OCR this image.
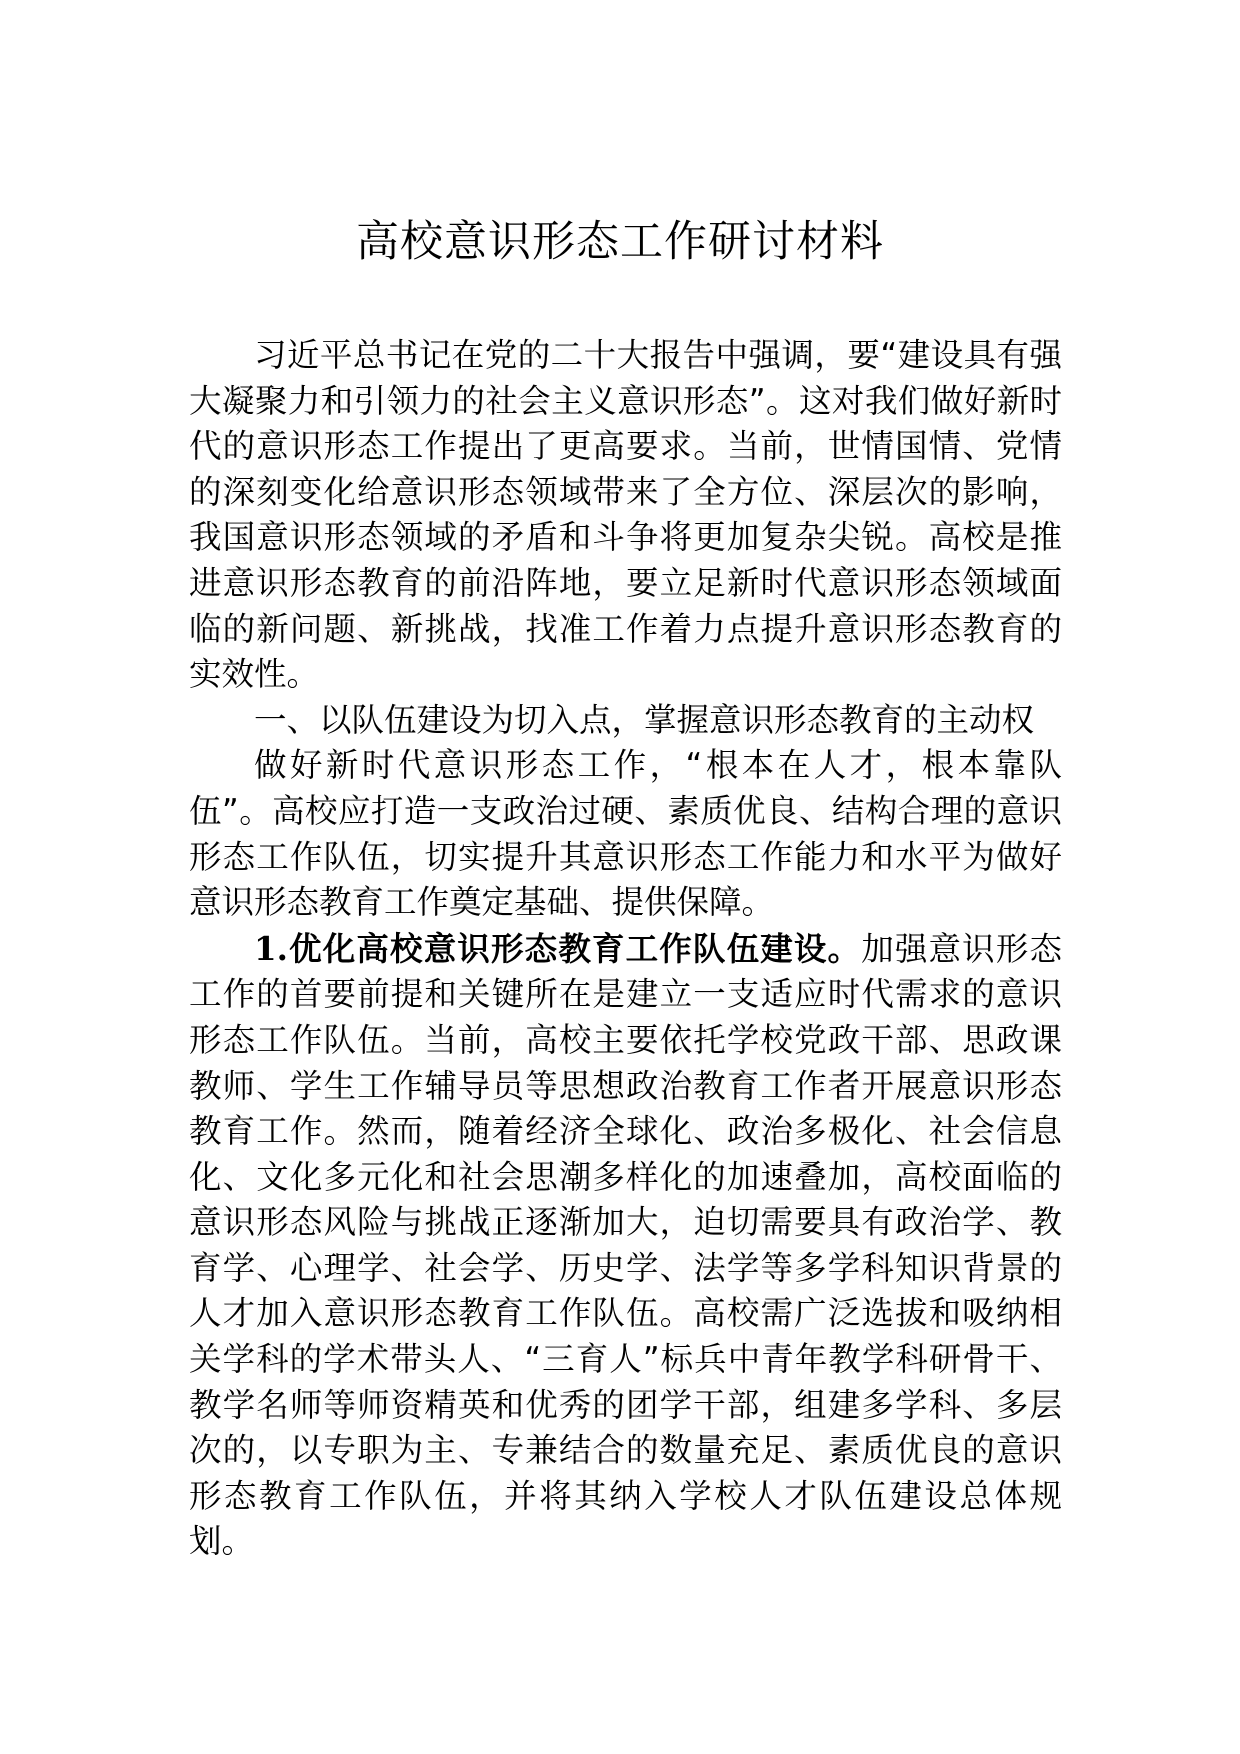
高校意识形态工作研讨材料

习近平总书记在党的二十大报告中强调，要“建设具有强大凝聚力和引领力的社会主义意识形态”。这对我们做好新时代的意识形态工作提出了更高要求。当前，世情国情、党情的深刻变化给意识形态领域带来了全方位、深层次的影响，我国意识形态领域的矛盾和斗争将更加复杂尖锐。高校是推进意识形态教育的前沿阵地，要立足新时代意识形态领域面临的新问题、新挑战，找准工作着力点提升意识形态教育的实效性。

一、以队伍建设为切入点，掌握意识形态教育的主动权

做好新时代意识形态工作，“根本在人才，根本靠队伍”。高校应打造一支政治过硬、素质优良、结构合理的意识形态工作队伍，切实提升其意识形态工作能力和水平为做好意识形态教育工作奠定基础、提供保障。

1.优化高校意识形态教育工作队伍建设。加强意识形态工作的首要前提和关键所在是建立一支适应时代需求的意识形态工作队伍。当前，高校主要依托学校党政干部、思政课教师、学生工作辅导员等思想政治教育工作者开展意识形态教育工作。然而，随着经济全球化、政治多极化、社会信息化、文化多元化和社会思潮多样化的加速叠加，高校面临的意识形态风险与挑战正逐渐加大，迫切需要具有政治学、教育学、心理学、社会学、历史学、法学等多学科知识背景的人才加入意识形态教育工作队伍。高校需广泛选拔和吸纳相关学科的学术带头人、“三育人”标兵中青年教学科研骨干、教学名师等师资精英和优秀的团学干部，组建多学科、多层次的，以专职为主、专兼结合的数量充足、素质优良的意识形态教育工作队伍，并将其纳入学校人才队伍建设总体规划。
